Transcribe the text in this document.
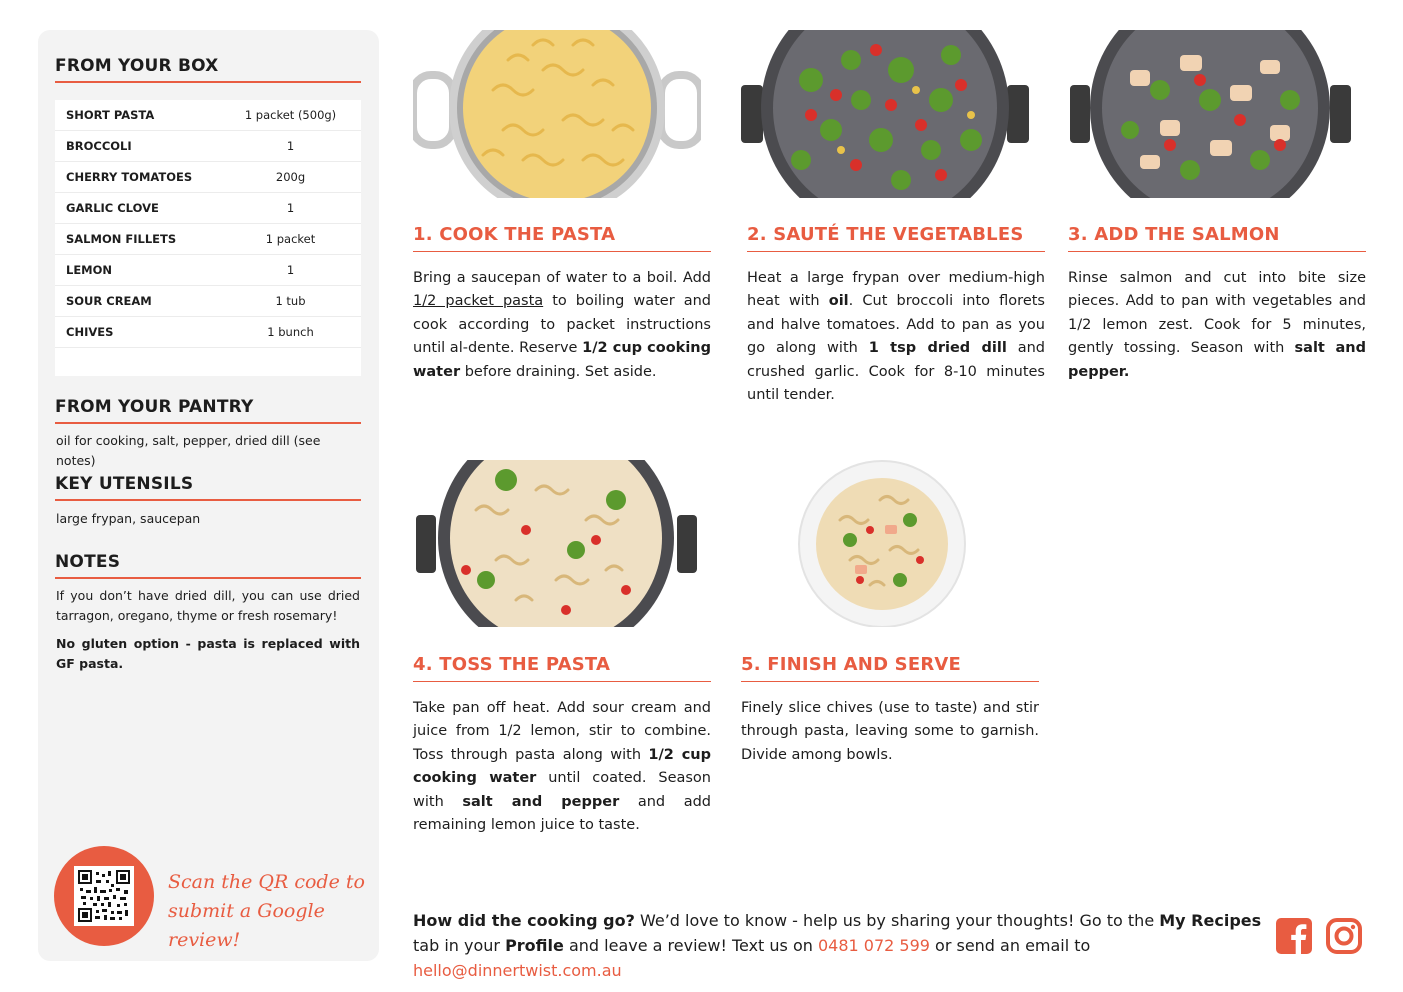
FROM YOUR BOX
SHORT PASTA	1 packet (500g)
BROCCOLI	1
CHERRY TOMATOES	200g
GARLIC CLOVE	1
SALMON FILLETS	1 packet
LEMON	1
SOUR CREAM	1 tub
CHIVES	1 bunch
FROM YOUR PANTRY
oil for cooking, salt, pepper, dried dill (see notes)
KEY UTENSILS
large frypan, saucepan
NOTES
If you don’t have dried dill, you can use dried tarragon, oregano, thyme or fresh rosemary!
No gluten option - pasta is replaced with GF pasta.
Scan the QR code to
submit a Google review!
1. COOK THE PASTA
Bring a saucepan of water to a boil. Add 1/2 packet pasta to boiling water and cook according to packet instructions until al-dente. Reserve 1/2 cup cooking water before draining. Set aside.
2. SAUTÉ THE VEGETABLES
Heat a large frypan over medium-high heat with oil. Cut broccoli into florets and halve tomatoes. Add to pan as you go along with 1 tsp dried dill and crushed garlic. Cook for 8-10 minutes until tender.
3. ADD THE SALMON
Rinse salmon and cut into bite size pieces. Add to pan with vegetables and 1/2 lemon zest. Cook for 5 minutes, gently tossing. Season with salt and pepper.
4. TOSS THE PASTA
Take pan off heat. Add sour cream and juice from 1/2 lemon, stir to combine. Toss through pasta along with 1/2 cup cooking water until coated. Season with salt and pepper and add remaining lemon juice to taste.
5. FINISH AND SERVE
Finely slice chives (use to taste) and stir through pasta, leaving some to garnish. Divide among bowls.
How did the cooking go? We’d love to know - help us by sharing your thoughts! Go to the My Recipes tab in your Profile and leave a review! Text us on 0481 072 599 or send an email to hello@dinnertwist.com.au
